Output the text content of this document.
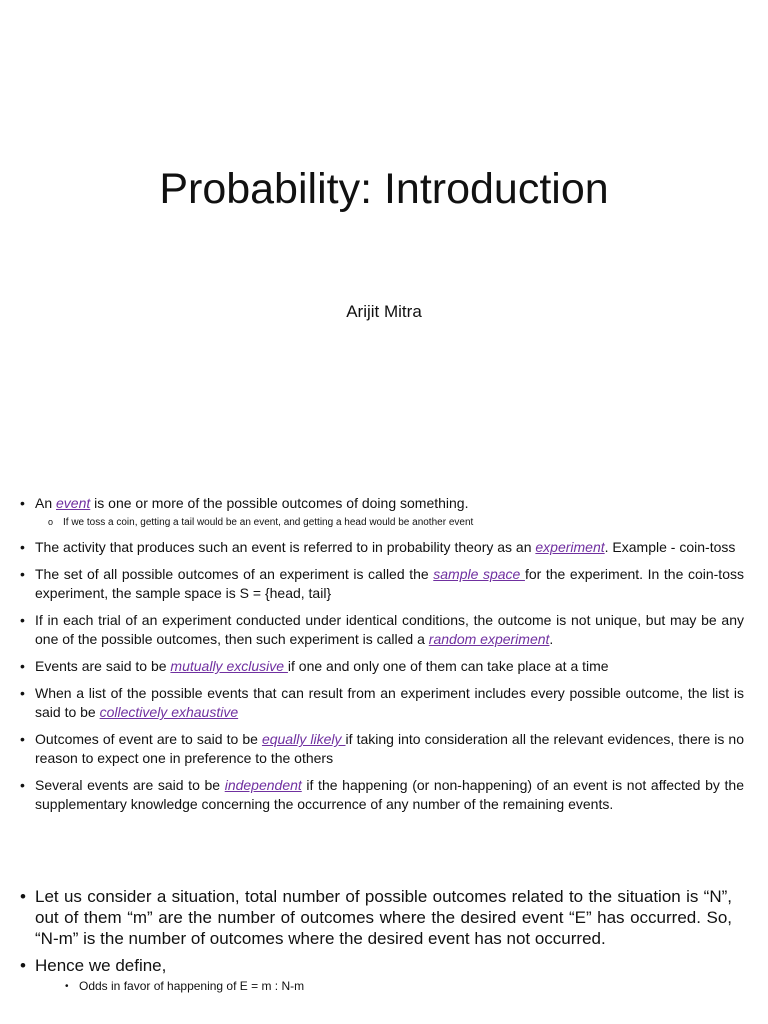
Probability: Introduction
Arijit Mitra
• An event is one or more of the possible outcomes of doing something.
o If we toss a coin, getting a tail would be an event, and getting a head would be another event
• The activity that produces such an event is referred to in probability theory as an experiment. Example - coin-toss
• The set of all possible outcomes of an experiment is called the sample space for the experiment. In the coin-toss experiment, the sample space is S = {head, tail}
• If in each trial of an experiment conducted under identical conditions, the outcome is not unique, but may be any one of the possible outcomes, then such experiment is called a random experiment.
• Events are said to be mutually exclusive if one and only one of them can take place at a time
• When a list of the possible events that can result from an experiment includes every possible outcome, the list is said to be collectively exhaustive
• Outcomes of event are to said to be equally likely if taking into consideration all the relevant evidences, there is no reason to expect one in preference to the others
• Several events are said to be independent if the happening (or non-happening) of an event is not affected by the supplementary knowledge concerning the occurrence of any number of the remaining events.
• Let us consider a situation, total number of possible outcomes related to the situation is “N”, out of them “m” are the number of outcomes where the desired event “E” has occurred. So, “N-m” is the number of outcomes where the desired event has not occurred.
• Hence we define,
• Odds in favor of happening of E = m : N-m
